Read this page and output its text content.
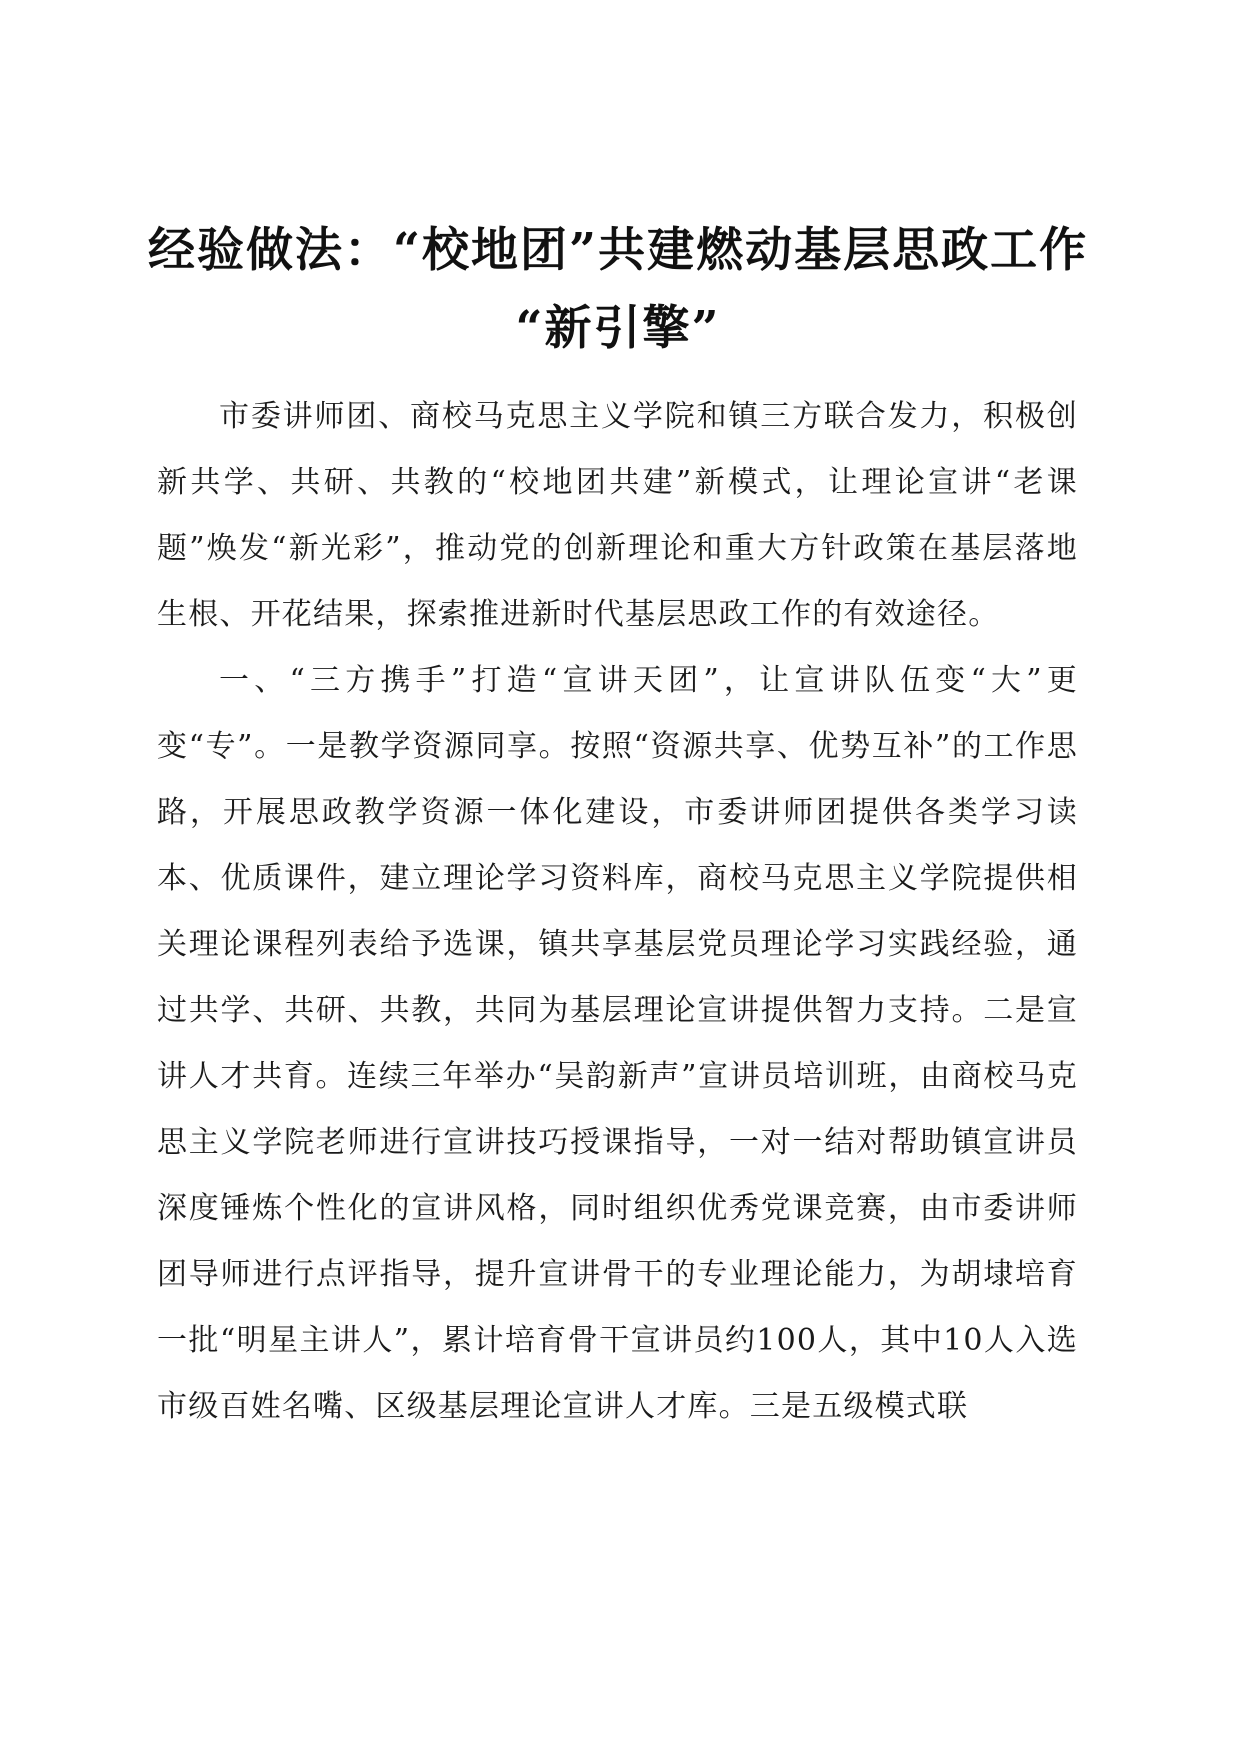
经验做法：“校地团”共建燃动基层思政工作
“新引擎”

市委讲师团、商校马克思主义学院和镇三方联合发力，积极创新共学、共研、共教的“校地团共建”新模式，让理论宣讲“老课题”焕发“新光彩”，推动党的创新理论和重大方针政策在基层落地生根、开花结果，探索推进新时代基层思政工作的有效途径。

一、“三方携手”打造“宣讲天团”，让宣讲队伍变“大”更变“专”。一是教学资源同享。按照“资源共享、优势互补”的工作思路，开展思政教学资源一体化建设，市委讲师团提供各类学习读本、优质课件，建立理论学习资料库，商校马克思主义学院提供相关理论课程列表给予选课，镇共享基层党员理论学习实践经验，通过共学、共研、共教，共同为基层理论宣讲提供智力支持。二是宣讲人才共育。连续三年举办“吴韵新声”宣讲员培训班，由商校马克思主义学院老师进行宣讲技巧授课指导，一对一结对帮助镇宣讲员深度锤炼个性化的宣讲风格，同时组织优秀党课竞赛，由市委讲师团导师进行点评指导，提升宣讲骨干的专业理论能力，为胡埭培育一批“明星主讲人”，累计培育骨干宣讲员约100人，其中10人入选市级百姓名嘴、区级基层理论宣讲人才库。三是五级模式联
